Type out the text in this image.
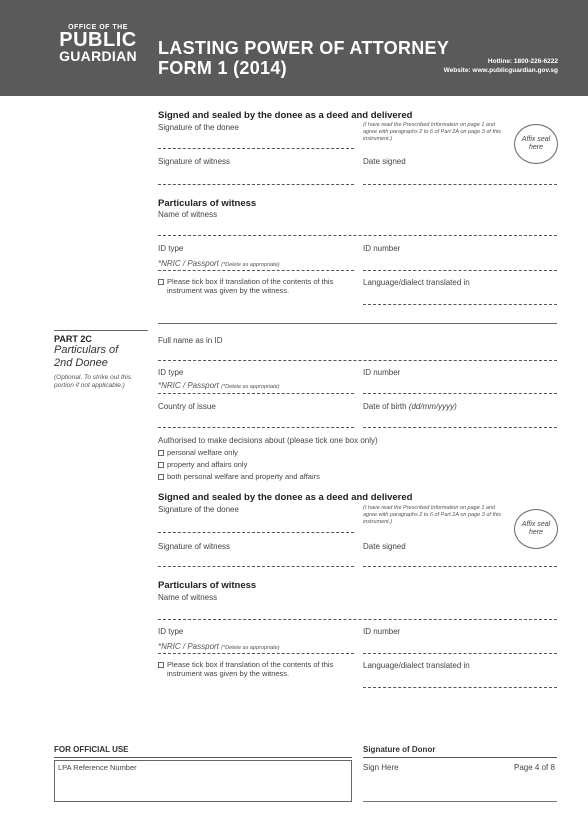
OFFICE OF THE
PUBLIC
GUARDIAN LASTING POWER OF ATTORNEY
FORM 1 (2014)	Hotline: 1800-226-6222
Website: www.publicguardian.gov.sg
Signed and sealed by the donee as a deed and delivered
Signature of the donee	(I have read the Prescribed Information on page 1 and agree with paragraphs 2 to 6 of Part 2A on page 3 of this instrument.)	Affix seal here
Signature of witness	Date signed
Particulars of witness
Name of witness
ID type	ID number
*NRIC / Passport (*Delete as appropriate)
Please tick box if translation of the contents of this instrument was given by the witness.
Language/dialect translated in
PART 2C
Particulars of
2nd Donee
(Optional. To strike out this portion if not applicable.)
Full name as in ID
ID type	ID number
*NRIC / Passport (*Delete as appropriate)
Country of issue	Date of birth (dd/mm/yyyy)
Authorised to make decisions about (please tick one box only)
personal welfare only
property and affairs only
both personal welfare and property and affairs
Signed and sealed by the donee as a deed and delivered
Signature of the donee	(I have read the Prescribed Information on page 1 and agree with paragraphs 2 to 6 of Part 2A on page 3 of this instrument.)	Affix seal here
Signature of witness	Date signed
Particulars of witness
Name of witness
ID type	ID number
*NRIC / Passport (*Delete as appropriate)
Please tick box if translation of the contents of this instrument was given by the witness.
Language/dialect translated in
FOR OFFICIAL USE
LPA Reference Number
Signature of Donor
Sign Here	Page 4 of 8
